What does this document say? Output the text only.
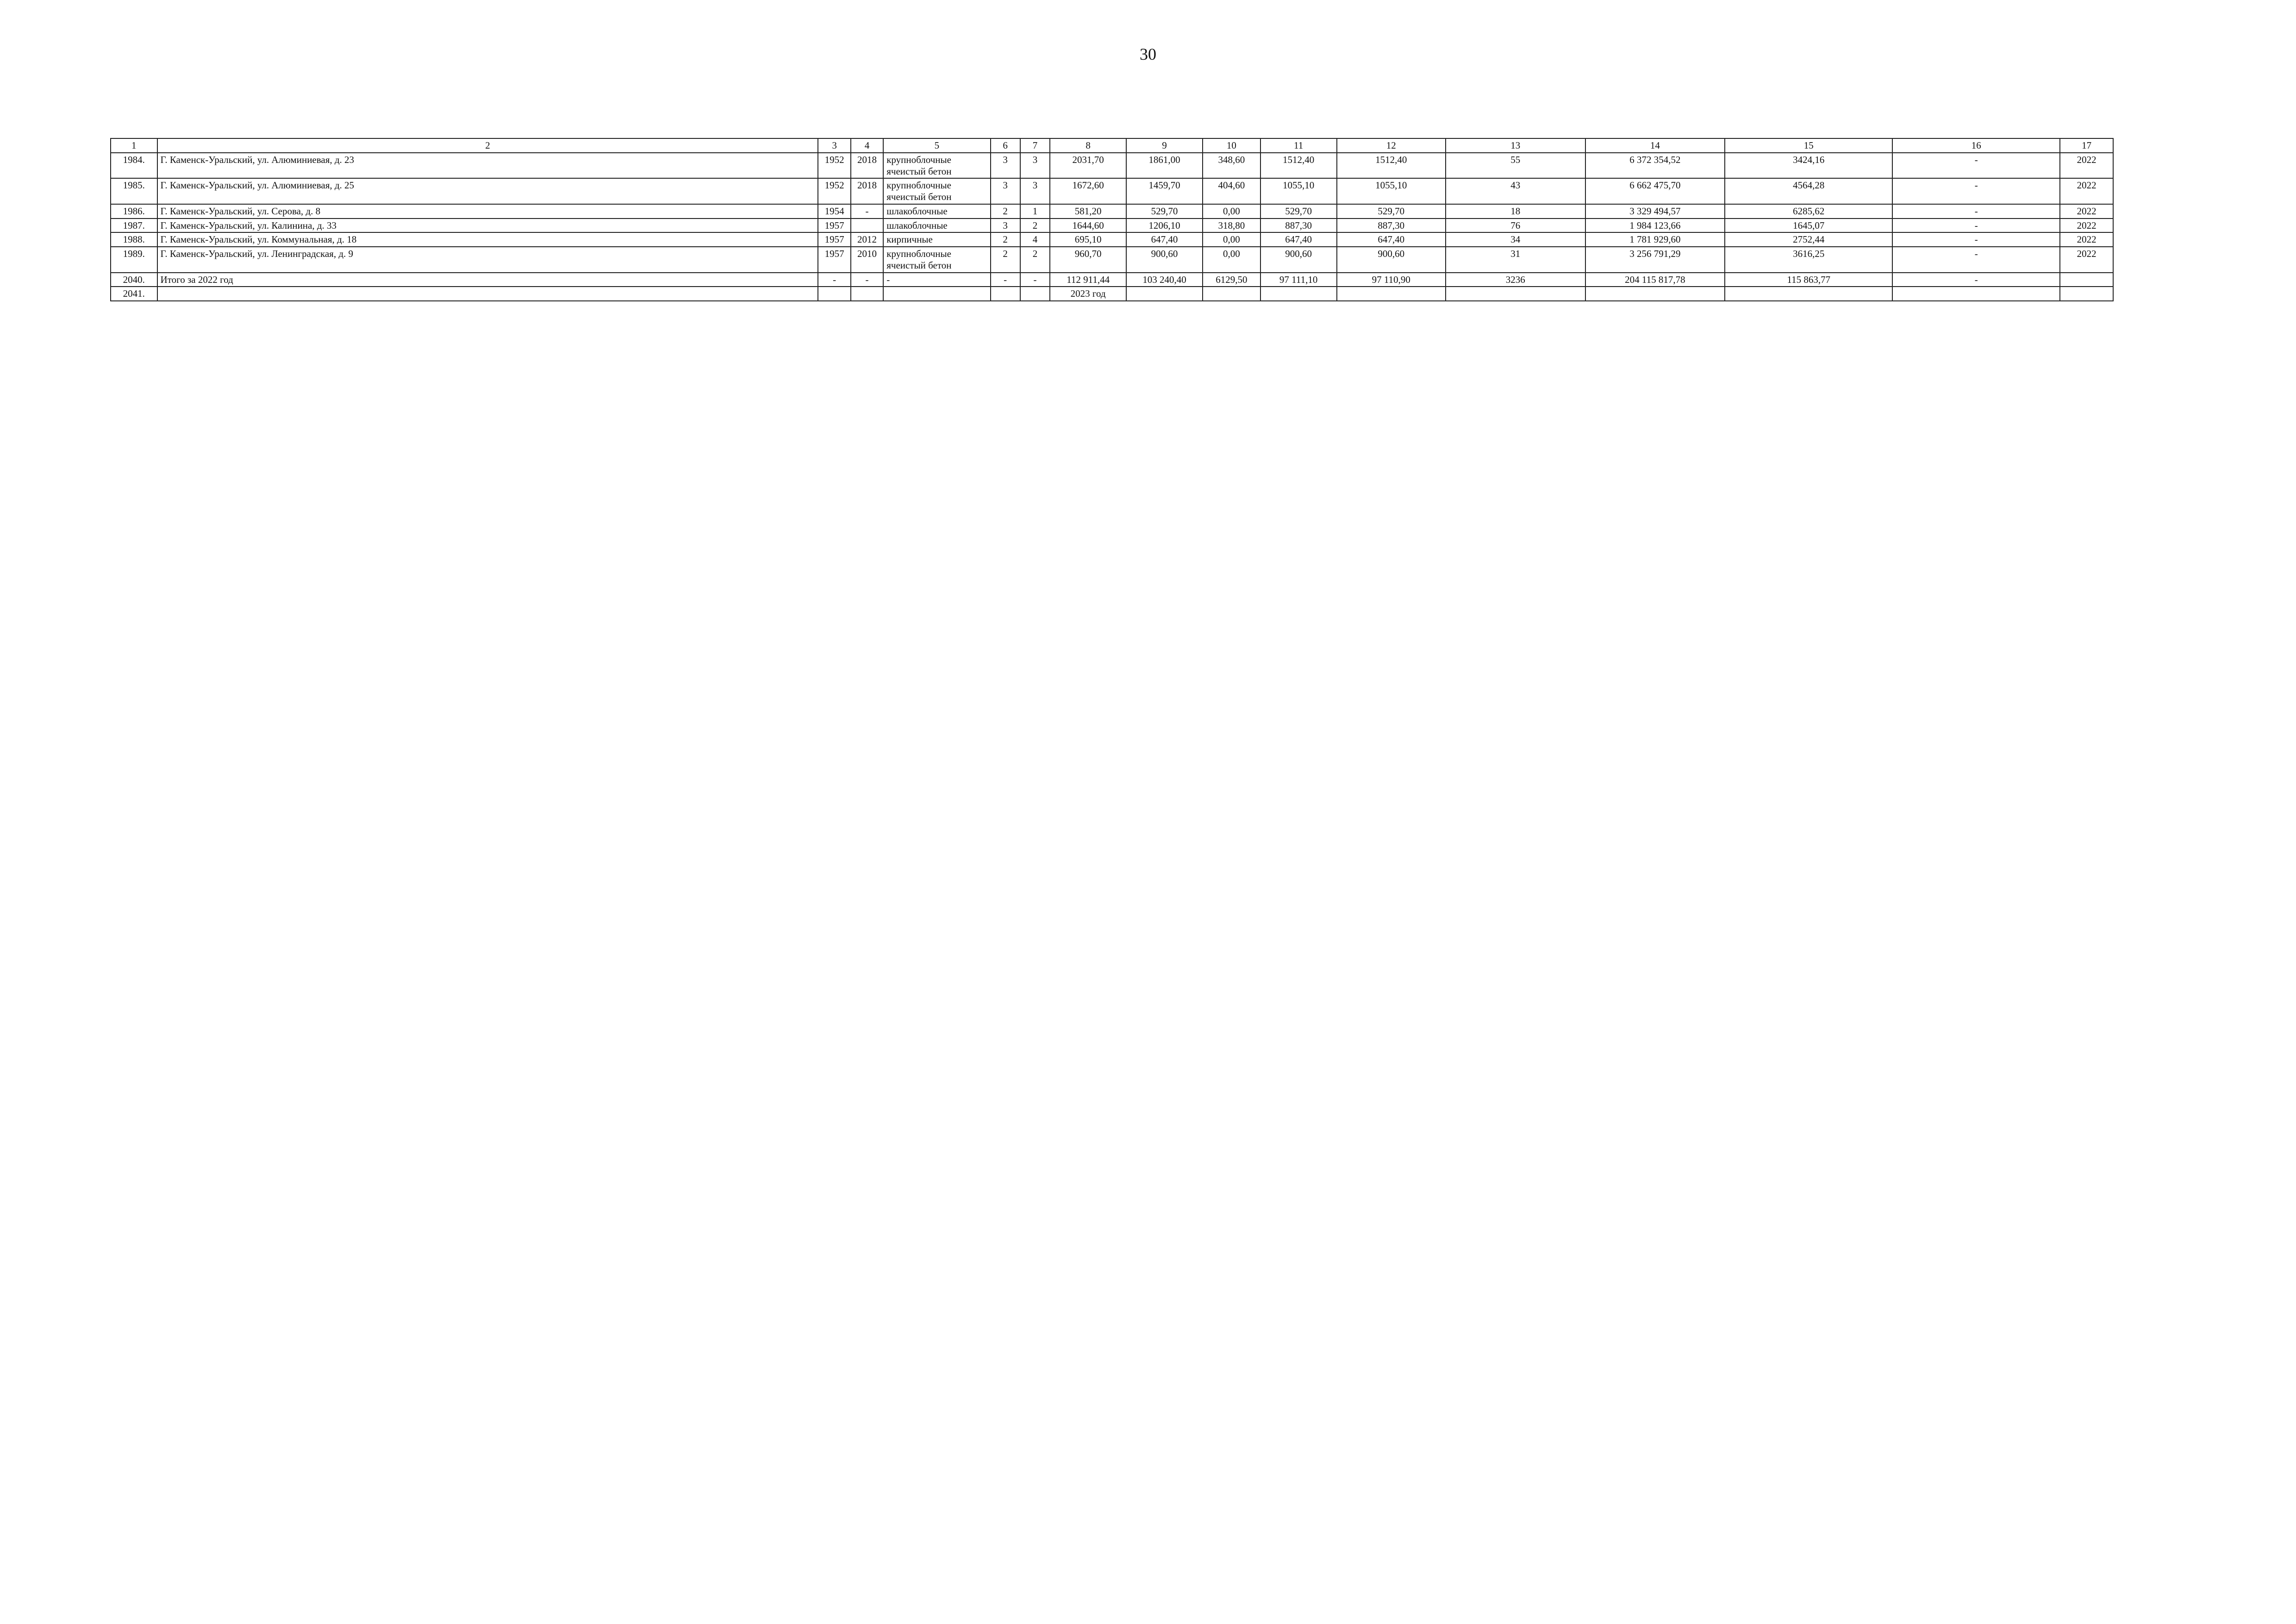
30
1	2	3	4	5	6	7	8	9	10	11	12	13	14	15	16	17
1984.	Г. Каменск-Уральский, ул. Алюминиевая, д. 23	1952	2018	крупноблочные ячеистый бетон	3	3	2031,70	1861,00	348,60	1512,40	1512,40	55	6 372 354,52	3424,16	-	2022
1985.	Г. Каменск-Уральский, ул. Алюминиевая, д. 25	1952	2018	крупноблочные ячеистый бетон	3	3	1672,60	1459,70	404,60	1055,10	1055,10	43	6 662 475,70	4564,28	-	2022
1986.	Г. Каменск-Уральский, ул. Серова, д. 8	1954	-	шлакоблочные	2	1	581,20	529,70	0,00	529,70	529,70	18	3 329 494,57	6285,62	-	2022
1987.	Г. Каменск-Уральский, ул. Калинина, д. 33	1957		шлакоблочные	3	2	1644,60	1206,10	318,80	887,30	887,30	76	1 984 123,66	1645,07	-	2022
1988.	Г. Каменск-Уральский, ул. Коммунальная, д. 18	1957	2012	кирпичные	2	4	695,10	647,40	0,00	647,40	647,40	34	1 781 929,60	2752,44	-	2022
1989.	Г. Каменск-Уральский, ул. Ленинградская, д. 9	1957	2010	крупноблочные ячеистый бетон	2	2	960,70	900,60	0,00	900,60	900,60	31	3 256 791,29	3616,25	-	2022
2040.	Итого за 2022 год	-	-	-	-	-	112 911,44	103 240,40	6129,50	97 111,10	97 110,90	3236	204 115 817,78	115 863,77	-	
2041.							2023 год									
